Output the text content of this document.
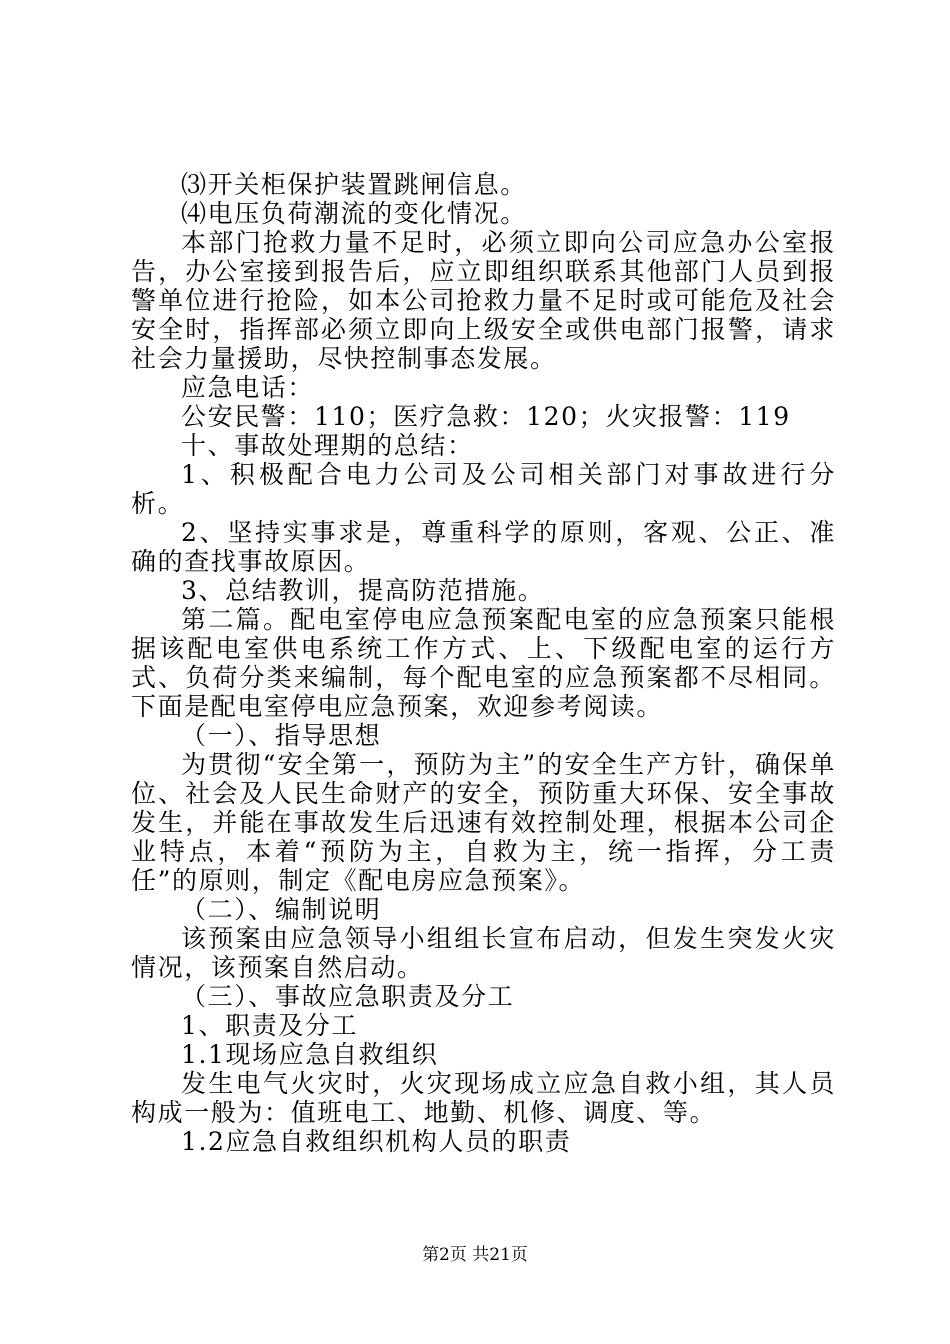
⑶开关柜保护装置跳闸信息。

⑷电压负荷潮流的变化情况。

本部门抢救力量不足时，必须立即向公司应急办公室报告，办公室接到报告后，应立即组织联系其他部门人员到报警单位进行抢险，如本公司抢救力量不足时或可能危及社会安全时，指挥部必须立即向上级安全或供电部门报警，请求社会力量援助，尽快控制事态发展。

应急电话：

公安民警：110；医疗急救：120；火灾报警：119

十、事故处理期的总结：

1、积极配合电力公司及公司相关部门对事故进行分析。

2、坚持实事求是，尊重科学的原则，客观、公正、准确的查找事故原因。

3、总结教训，提高防范措施。

第二篇。配电室停电应急预案配电室的应急预案只能根据该配电室供电系统工作方式、上、下级配电室的运行方式、负荷分类来编制，每个配电室的应急预案都不尽相同。下面是配电室停电应急预案，欢迎参考阅读。

（一）、指导思想

为贯彻“安全第一，预防为主”的安全生产方针，确保单位、社会及人民生命财产的安全，预防重大环保、安全事故发生，并能在事故发生后迅速有效控制处理，根据本公司企业特点，本着“预防为主，自救为主，统一指挥，分工责任”的原则，制定《配电房应急预案》。

（二）、编制说明

该预案由应急领导小组组长宣布启动，但发生突发火灾情况，该预案自然启动。

（三）、事故应急职责及分工

1、职责及分工

1.1现场应急自救组织

发生电气火灾时，火灾现场成立应急自救小组，其人员构成一般为：值班电工、地勤、机修、调度、等。

1.2应急自救组织机构人员的职责

第2页 共21页
